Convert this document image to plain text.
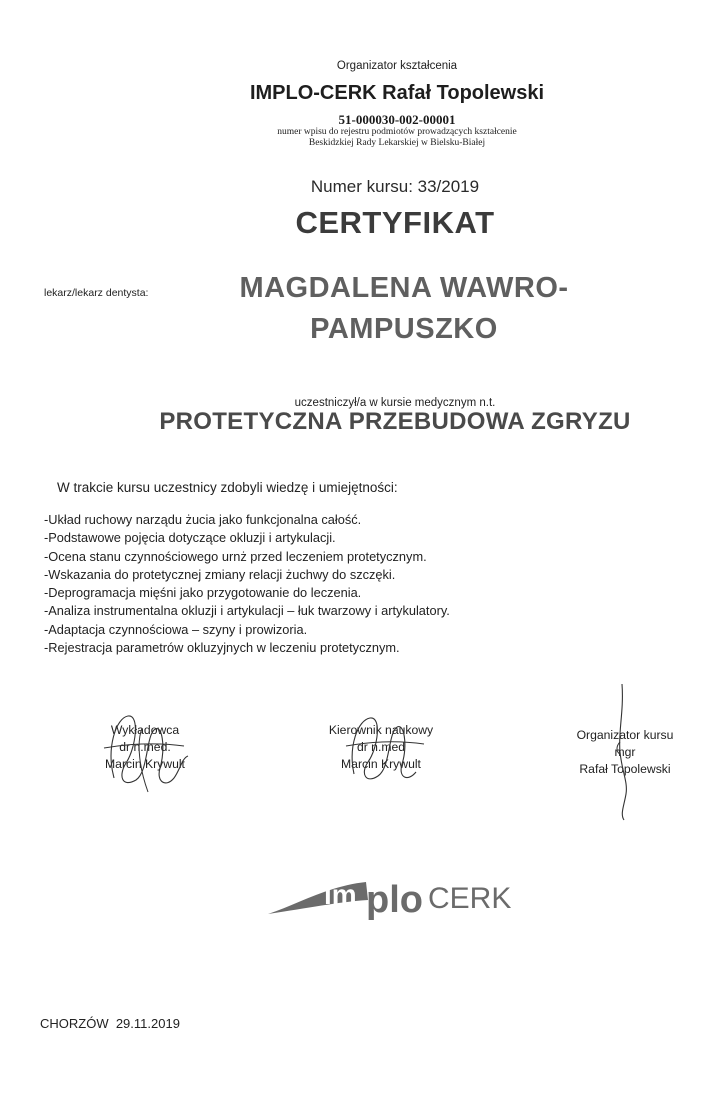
Organizator kształcenia
IMPLO-CERK Rafał Topolewski
51-000030-002-00001
numer wpisu do rejestru podmiotów prowadzących kształcenie
Beskidzkiej Rady Lekarskiej w Bielsku-Białej
Numer kursu: 33/2019
CERTYFIKAT
lekarz/lekarz dentysta:	MAGDALENA WAWRO-
PAMPUSZKO
uczestniczył/a w kursie medycznym n.t.
PROTETYCZNA PRZEBUDOWA ZGRYZU
W trakcie kursu uczestnicy zdobyli wiedzę i umiejętności:
-Układ ruchowy narządu żucia jako funkcjonalna całość.
-Podstawowe pojęcia dotyczące okluzji i artykulacji.
-Ocena stanu czynnościowego urnż przed leczeniem protetycznym.
-Wskazania do protetycznej zmiany relacji żuchwy do szczęki.
-Deprogramacja mięśni jako przygotowanie do leczenia.
-Analiza instrumentalna okluzji i artykulacji – łuk twarzowy i artykulatory.
-Adaptacja czynnościowa – szyny i prowizoria.
-Rejestracja parametrów okluzyjnych w leczeniu protetycznym.
Wykładowca
dr n.med.
Marcin Krywult
Kierownik naukowy
dr n.med
Marcin Krywult
Organizator kursu
mgr
Rafał Topolewski
im plo CERK
CHORZÓW  29.11.2019
